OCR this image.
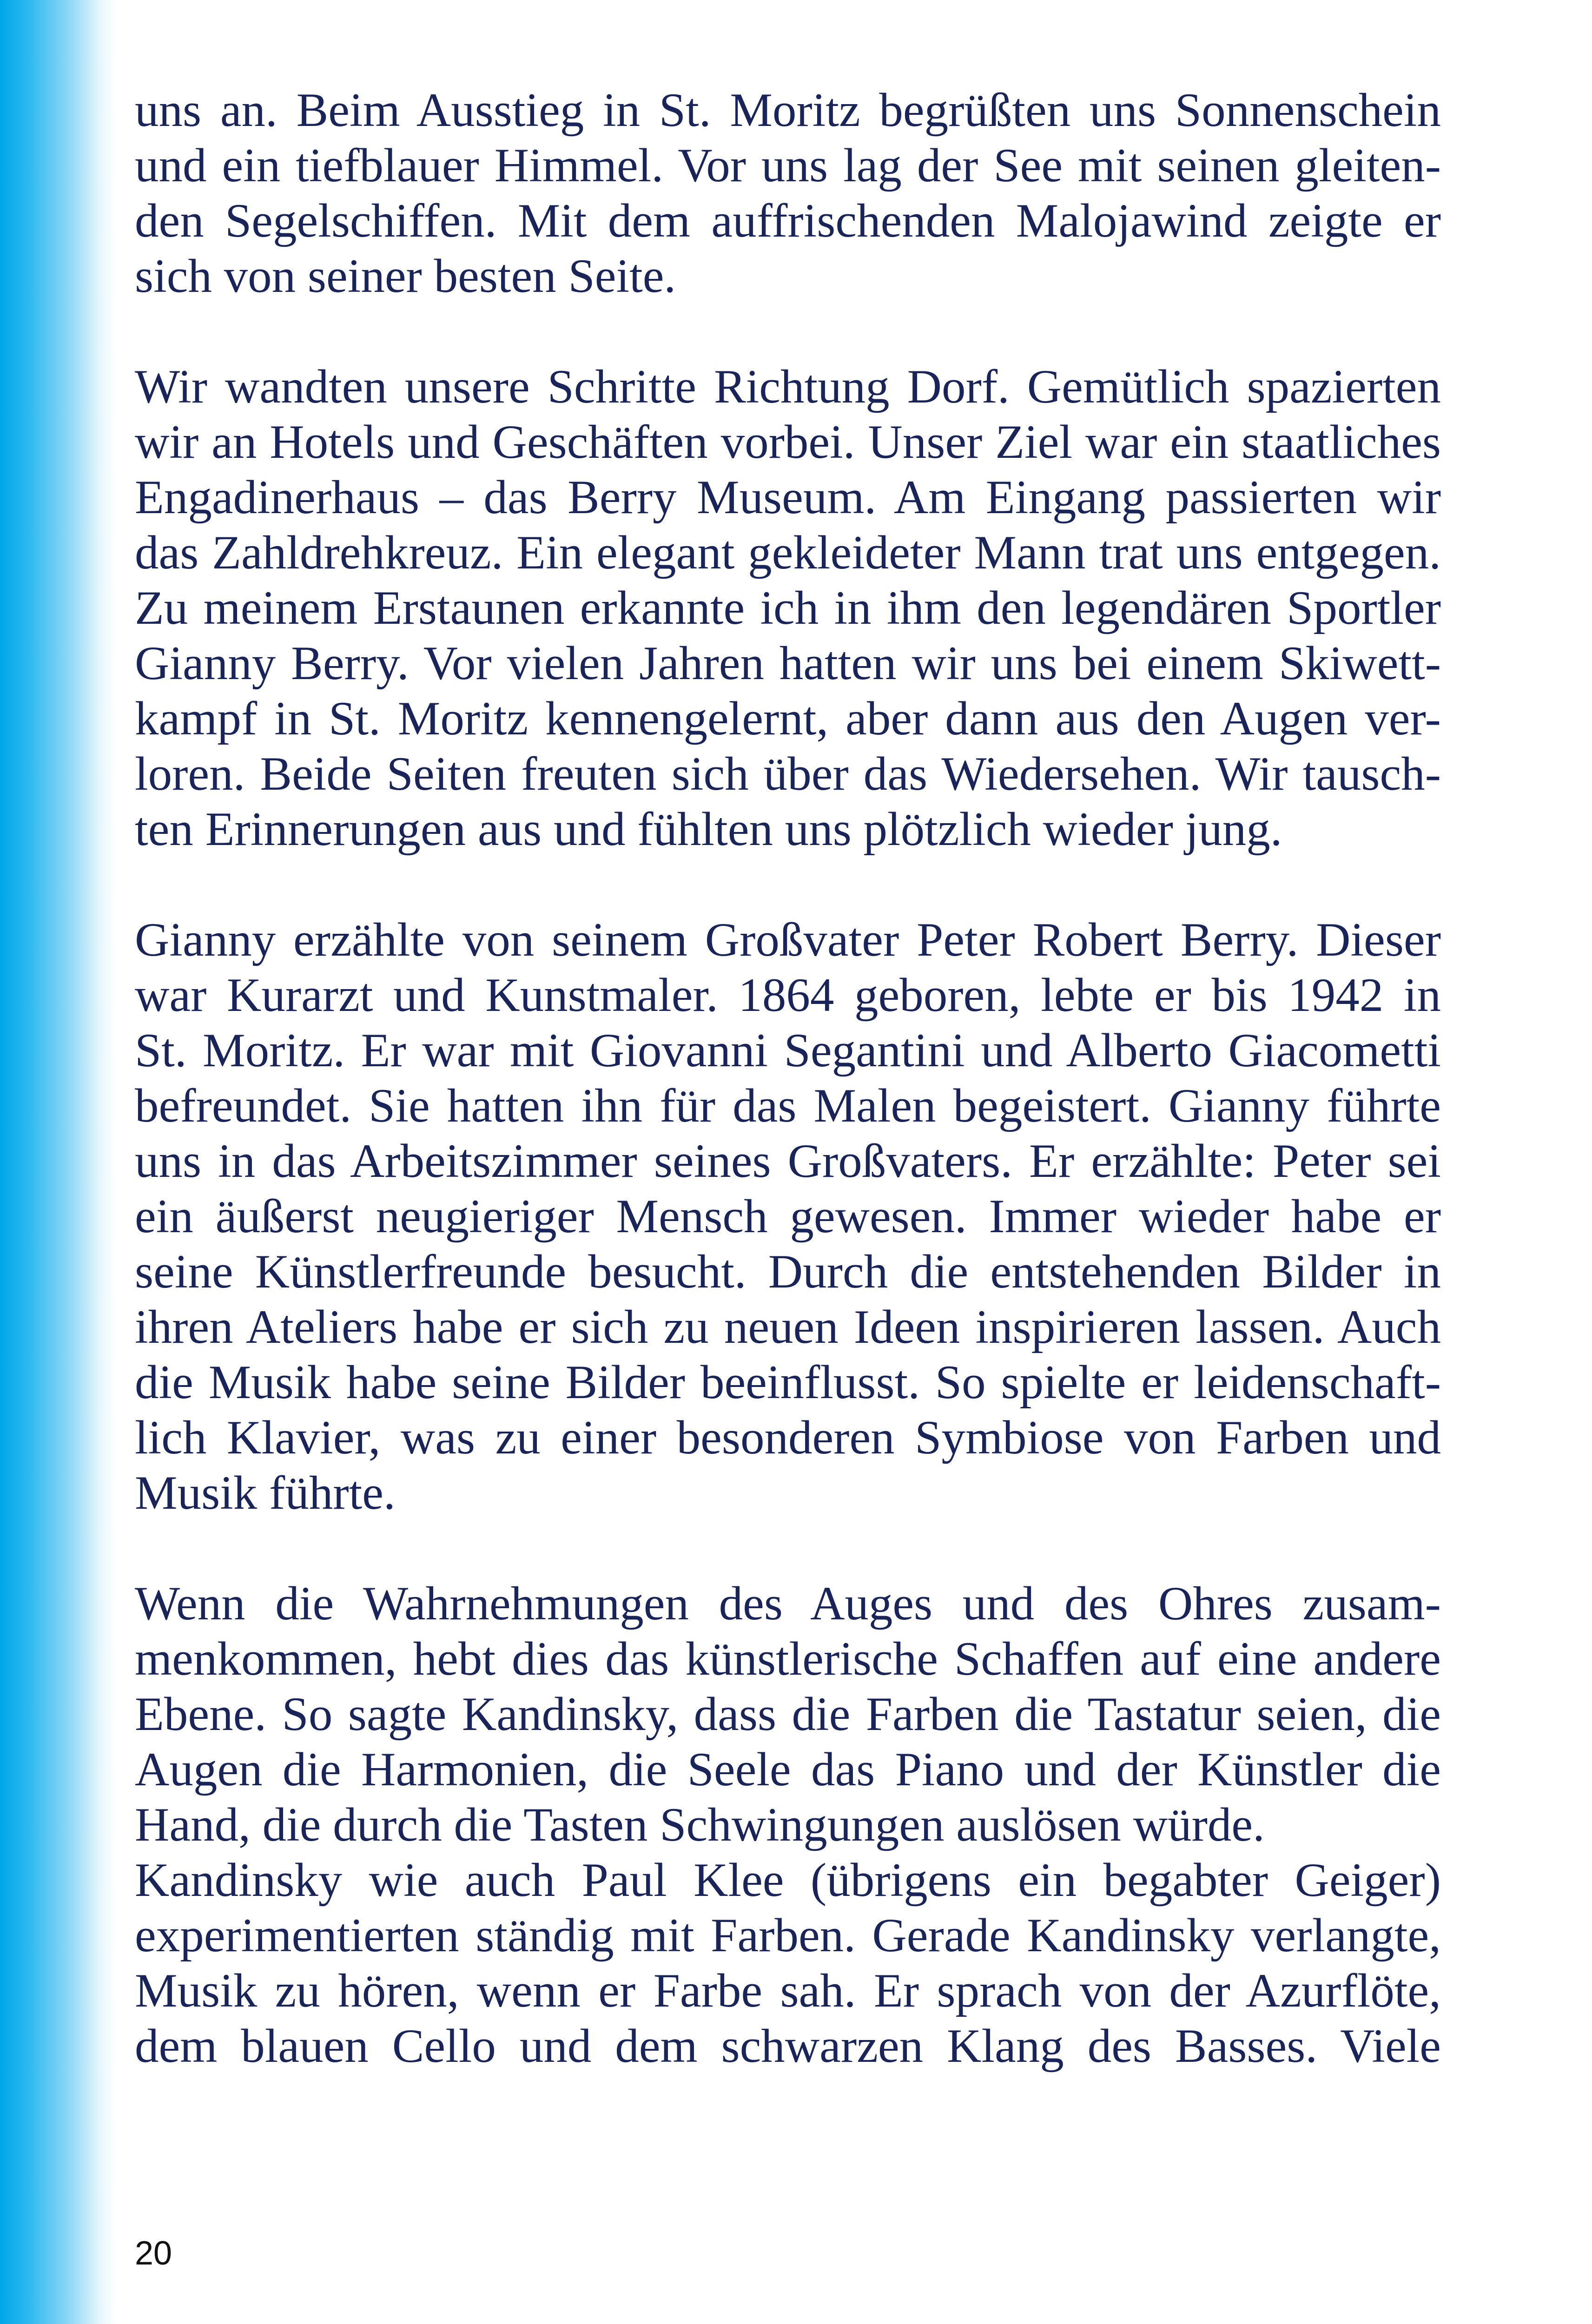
uns an. Beim Ausstieg in St. Moritz begrüßten uns Sonnenschein
und ein tiefblauer Himmel. Vor uns lag der See mit seinen gleiten-
den Segelschiffen. Mit dem auffrischenden Malojawind zeigte er
sich von seiner besten Seite.
Wir wandten unsere Schritte Richtung Dorf. Gemütlich spazierten
wir an Hotels und Geschäften vorbei. Unser Ziel war ein staatliches
Engadinerhaus – das Berry Museum. Am Eingang passierten wir
das Zahldrehkreuz. Ein elegant gekleideter Mann trat uns entgegen.
Zu meinem Erstaunen erkannte ich in ihm den legendären Sportler
Gianny Berry. Vor vielen Jahren hatten wir uns bei einem Skiwett-
kampf in St. Moritz kennengelernt, aber dann aus den Augen ver-
loren. Beide Seiten freuten sich über das Wiedersehen. Wir tausch-
ten Erinnerungen aus und fühlten uns plötzlich wieder jung.
Gianny erzählte von seinem Großvater Peter Robert Berry. Dieser
war Kurarzt und Kunstmaler. 1864 geboren, lebte er bis 1942 in
St. Moritz. Er war mit Giovanni Segantini und Alberto Giacometti
befreundet. Sie hatten ihn für das Malen begeistert. Gianny führte
uns in das Arbeitszimmer seines Großvaters. Er erzählte: Peter sei
ein äußerst neugieriger Mensch gewesen. Immer wieder habe er
seine Künstlerfreunde besucht. Durch die entstehenden Bilder in
ihren Ateliers habe er sich zu neuen Ideen inspirieren lassen. Auch
die Musik habe seine Bilder beeinflusst. So spielte er leidenschaft-
lich Klavier, was zu einer besonderen Symbiose von Farben und
Musik führte.
Wenn die Wahrnehmungen des Auges und des Ohres zusam-
menkommen, hebt dies das künstlerische Schaffen auf eine andere
Ebene. So sagte Kandinsky, dass die Farben die Tastatur seien, die
Augen die Harmonien, die Seele das Piano und der Künstler die
Hand, die durch die Tasten Schwingungen auslösen würde.
Kandinsky wie auch Paul Klee (übrigens ein begabter Geiger)
experimentierten ständig mit Farben. Gerade Kandinsky verlangte,
Musik zu hören, wenn er Farbe sah. Er sprach von der Azurflöte,
dem blauen Cello und dem schwarzen Klang des Basses. Viele
20
